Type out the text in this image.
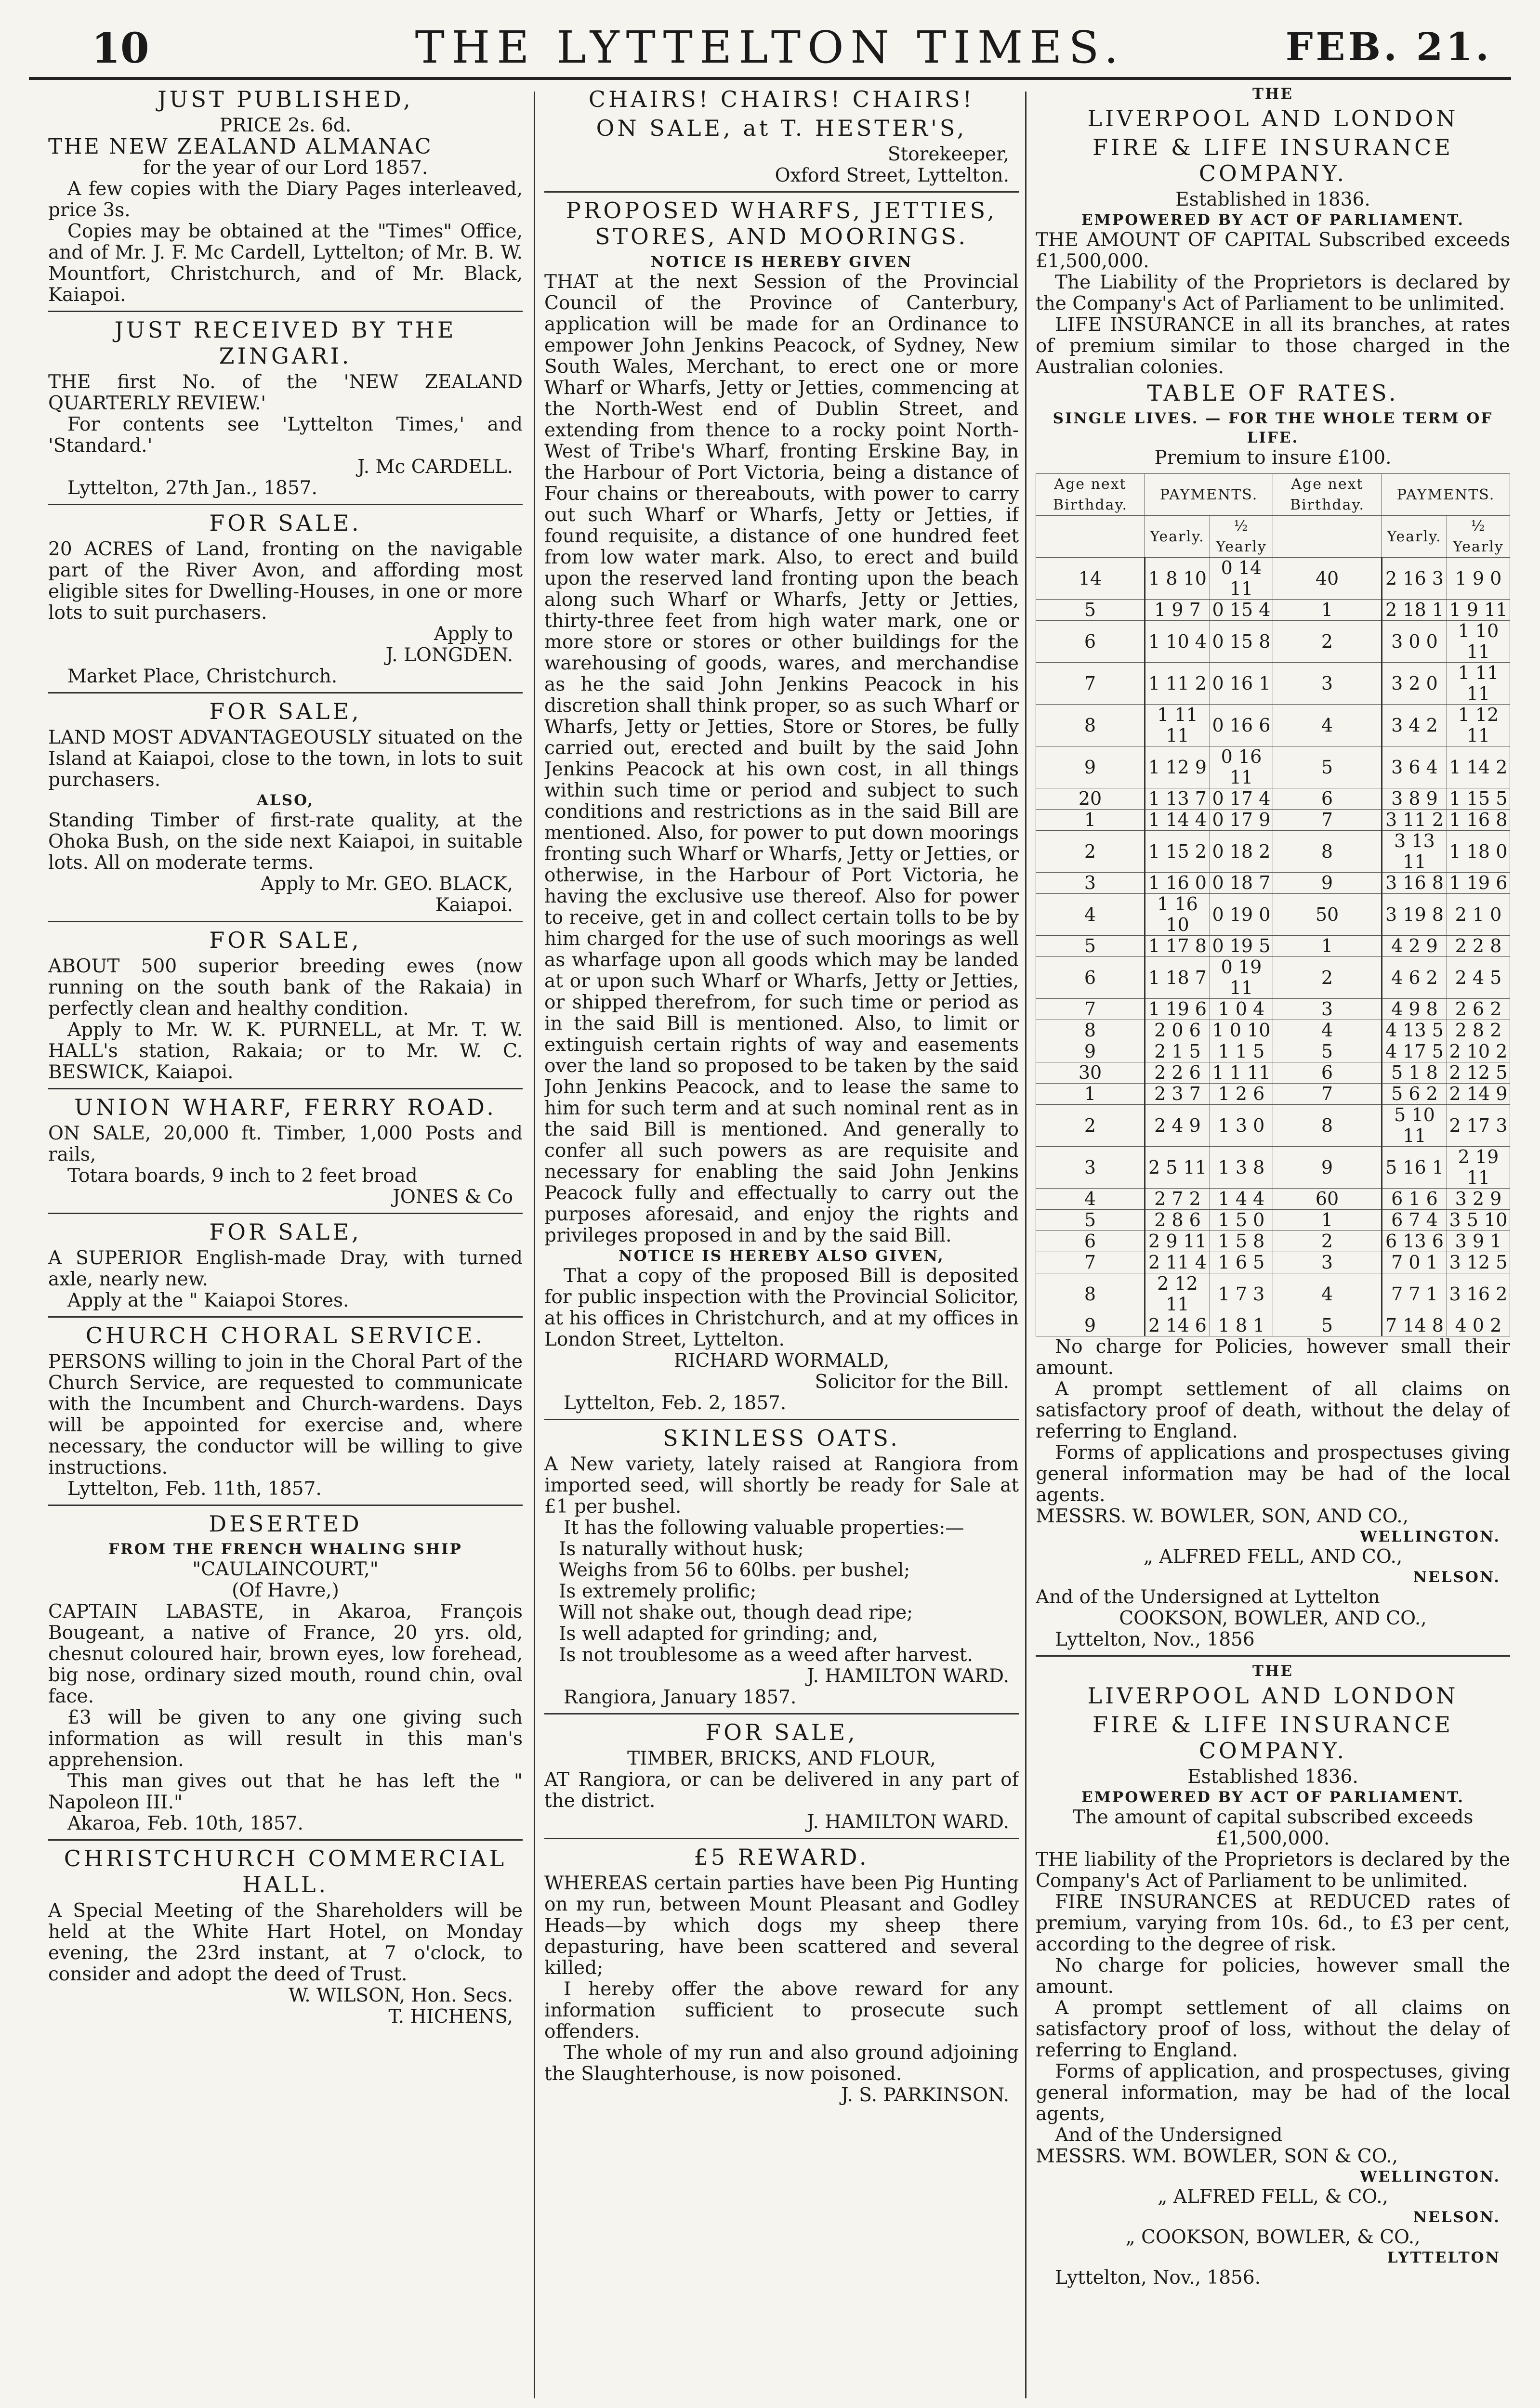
10	THE LYTTELTON TIMES.	FEB. 21.
JUST PUBLISHED,
PRICE 2s. 6d.
THE NEW ZEALAND ALMANAC
for the year of our Lord 1857.

A few copies with the Diary Pages interleaved, price 3s.

Copies may be obtained at the "Times" Office, and of Mr. J. F. Mc Cardell, Lyttelton; of Mr. B. W. Mountfort, Christchurch, and of Mr. Black, Kaiapoi.

JUST RECEIVED BY THE ZINGARI.

THE first No. of the 'NEW ZEALAND QUARTERLY REVIEW.'

For contents see 'Lyttelton Times,' and 'Standard.'

J. Mc CARDELL.

Lyttelton, 27th Jan., 1857.

FOR SALE.

20 ACRES of Land, fronting on the navigable part of the River Avon, and affording most eligible sites for Dwelling-Houses, in one or more lots to suit purchasers.

Apply to

J. LONGDEN.

Market Place, Christchurch.

FOR SALE,

LAND MOST ADVANTAGEOUSLY situated on the Island at Kaiapoi, close to the town, in lots to suit purchasers.

ALSO,

Standing Timber of first-rate quality, at the Ohoka Bush, on the side next Kaiapoi, in suitable lots. All on moderate terms.

Apply to Mr. GEO. BLACK,

Kaiapoi.

FOR SALE,

ABOUT 500 superior breeding ewes (now running on the south bank of the Rakaia) in perfectly clean and healthy condition.

Apply to Mr. W. K. PURNELL, at Mr. T. W. HALL's station, Rakaia; or to Mr. W. C. BESWICK, Kaiapoi.

UNION WHARF, FERRY ROAD.

ON SALE, 20,000 ft. Timber, 1,000 Posts and rails,

Totara boards, 9 inch to 2 feet broad

JONES & Co

FOR SALE,

A SUPERIOR English-made Dray, with turned axle, nearly new.

Apply at the " Kaiapoi Stores.

CHURCH CHORAL SERVICE.

PERSONS willing to join in the Choral Part of the Church Service, are requested to communicate with the Incumbent and Church-wardens. Days will be appointed for exercise and, where necessary, the conductor will be willing to give instructions.

Lyttelton, Feb. 11th, 1857.

DESERTED
FROM THE FRENCH WHALING SHIP
"CAULAINCOURT,"
(Of Havre,)

CAPTAIN LABASTE, in Akaroa, François Bougeant, a native of France, 20 yrs. old, chesnut coloured hair, brown eyes, low forehead, big nose, ordinary sized mouth, round chin, oval face.

£3 will be given to any one giving such information as will result in this man's apprehension.

This man gives out that he has left the " Napoleon III."

Akaroa, Feb. 10th, 1857.

CHRISTCHURCH COMMERCIAL HALL.

A Special Meeting of the Shareholders will be held at the White Hart Hotel, on Monday evening, the 23rd instant, at 7 o'clock, to consider and adopt the deed of Trust.

W. WILSON, Hon. Secs.

T. HICHENS,

CHAIRS! CHAIRS! CHAIRS!
ON SALE, at T. HESTER'S,

Storekeeper,

Oxford Street, Lyttelton.

PROPOSED WHARFS, JETTIES, STORES, AND MOORINGS.
NOTICE IS HEREBY GIVEN

THAT at the next Session of the Provincial Council of the Province of Canterbury, application will be made for an Ordinance to empower John Jenkins Peacock, of Sydney, New South Wales, Merchant, to erect one or more Wharf or Wharfs, Jetty or Jetties, commencing at the North-West end of Dublin Street, and extending from thence to a rocky point North-West of Tribe's Wharf, fronting Erskine Bay, in the Harbour of Port Victoria, being a distance of Four chains or thereabouts, with power to carry out such Wharf or Wharfs, Jetty or Jetties, if found requisite, a distance of one hundred feet from low water mark. Also, to erect and build upon the reserved land fronting upon the beach along such Wharf or Wharfs, Jetty or Jetties, thirty-three feet from high water mark, one or more store or stores or other buildings for the warehousing of goods, wares, and merchandise as he the said John Jenkins Peacock in his discretion shall think proper, so as such Wharf or Wharfs, Jetty or Jetties, Store or Stores, be fully carried out, erected and built by the said John Jenkins Peacock at his own cost, in all things within such time or period and subject to such conditions and restrictions as in the said Bill are mentioned. Also, for power to put down moorings fronting such Wharf or Wharfs, Jetty or Jetties, or otherwise, in the Harbour of Port Victoria, he having the exclusive use thereof. Also for power to receive, get in and collect certain tolls to be by him charged for the use of such moorings as well as wharfage upon all goods which may be landed at or upon such Wharf or Wharfs, Jetty or Jetties, or shipped therefrom, for such time or period as in the said Bill is mentioned. Also, to limit or extinguish certain rights of way and easements over the land so proposed to be taken by the said John Jenkins Peacock, and to lease the same to him for such term and at such nominal rent as in the said Bill is mentioned. And generally to confer all such powers as are requisite and necessary for enabling the said John Jenkins Peacock fully and effectually to carry out the purposes aforesaid, and enjoy the rights and privileges proposed in and by the said Bill.

NOTICE IS HEREBY ALSO GIVEN,

That a copy of the proposed Bill is deposited for public inspection with the Provincial Solicitor, at his offices in Christchurch, and at my offices in London Street, Lyttelton.

RICHARD WORMALD,

Solicitor for the Bill.

Lyttelton, Feb. 2, 1857.

SKINLESS OATS.

A New variety, lately raised at Rangiora from imported seed, will shortly be ready for Sale at £1 per bushel.

It has the following valuable properties:—

Is naturally without husk;

Weighs from 56 to 60lbs. per bushel;

Is extremely prolific;

Will not shake out, though dead ripe;

Is well adapted for grinding; and,

Is not troublesome as a weed after harvest.

J. HAMILTON WARD.

Rangiora, January 1857.

FOR SALE,
TIMBER, BRICKS, AND FLOUR,

AT Rangiora, or can be delivered in any part of the district.

J. HAMILTON WARD.

£5 REWARD.

WHEREAS certain parties have been Pig Hunting on my run, between Mount Pleasant and Godley Heads—by which dogs my sheep there depasturing, have been scattered and several killed;

I hereby offer the above reward for any information sufficient to prosecute such offenders.

The whole of my run and also ground adjoining the Slaughterhouse, is now poisoned.

J. S. PARKINSON.

THE
LIVERPOOL AND LONDON
FIRE & LIFE INSURANCE COMPANY.
Established in 1836.
EMPOWERED BY ACT OF PARLIAMENT.

THE AMOUNT OF CAPITAL Subscribed exceeds £1,500,000.

The Liability of the Proprietors is declared by the Company's Act of Parliament to be unlimited.

LIFE INSURANCE in all its branches, at rates of premium similar to those charged in the Australian colonies.

TABLE OF RATES.
SINGLE LIVES. — FOR THE WHOLE TERM OF LIFE.
Premium to insure £100.
Age next Birthday.	PAYMENTS.		Age next Birthday.	PAYMENTS.	
	Yearly.	½ Yearly		Yearly.	½ Yearly
14	1 8 10	0 14 11	40	2 16 3	1 9 0
5	1 9 7	0 15 4	1	2 18 1	1 9 11
6	1 10 4	0 15 8	2	3 0 0	1 10 11
7	1 11 2	0 16 1	3	3 2 0	1 11 11
8	1 11 11	0 16 6	4	3 4 2	1 12 11
9	1 12 9	0 16 11	5	3 6 4	1 14 2
20	1 13 7	0 17 4	6	3 8 9	1 15 5
1	1 14 4	0 17 9	7	3 11 2	1 16 8
2	1 15 2	0 18 2	8	3 13 11	1 18 0
3	1 16 0	0 18 7	9	3 16 8	1 19 6
4	1 16 10	0 19 0	50	3 19 8	2 1 0
5	1 17 8	0 19 5	1	4 2 9	2 2 8
6	1 18 7	0 19 11	2	4 6 2	2 4 5
7	1 19 6	1 0 4	3	4 9 8	2 6 2
8	2 0 6	1 0 10	4	4 13 5	2 8 2
9	2 1 5	1 1 5	5	4 17 5	2 10 2
30	2 2 6	1 1 11	6	5 1 8	2 12 5
1	2 3 7	1 2 6	7	5 6 2	2 14 9
2	2 4 9	1 3 0	8	5 10 11	2 17 3
3	2 5 11	1 3 8	9	5 16 1	2 19 11
4	2 7 2	1 4 4	60	6 1 6	3 2 9
5	2 8 6	1 5 0	1	6 7 4	3 5 10
6	2 9 11	1 5 8	2	6 13 6	3 9 1
7	2 11 4	1 6 5	3	7 0 1	3 12 5
8	2 12 11	1 7 3	4	7 7 1	3 16 2
9	2 14 6	1 8 1	5	7 14 8	4 0 2

No charge for Policies, however small their amount.

A prompt settlement of all claims on satisfactory proof of death, without the delay of referring to England.

Forms of applications and prospectuses giving general information may be had of the local agents.

MESSRS. W. BOWLER, SON, AND CO.,

WELLINGTON.

„ ALFRED FELL, AND CO.,

NELSON.

And of the Undersigned at Lyttelton

COOKSON, BOWLER, AND CO.,

Lyttelton, Nov., 1856

THE
LIVERPOOL AND LONDON
FIRE & LIFE INSURANCE COMPANY.
Established 1836.
EMPOWERED BY ACT OF PARLIAMENT.

The amount of capital subscribed exceeds

£1,500,000.

THE liability of the Proprietors is declared by the Company's Act of Parliament to be unlimited.

FIRE INSURANCES at REDUCED rates of premium, varying from 10s. 6d., to £3 per cent, according to the degree of risk.

No charge for policies, however small the amount.

A prompt settlement of all claims on satisfactory proof of loss, without the delay of referring to England.

Forms of application, and prospectuses, giving general information, may be had of the local agents,

And of the Undersigned

MESSRS. WM. BOWLER, SON & CO.,

WELLINGTON.

„ ALFRED FELL, & CO.,

NELSON.

„ COOKSON, BOWLER, & CO.,

LYTTELTON

Lyttelton, Nov., 1856.
